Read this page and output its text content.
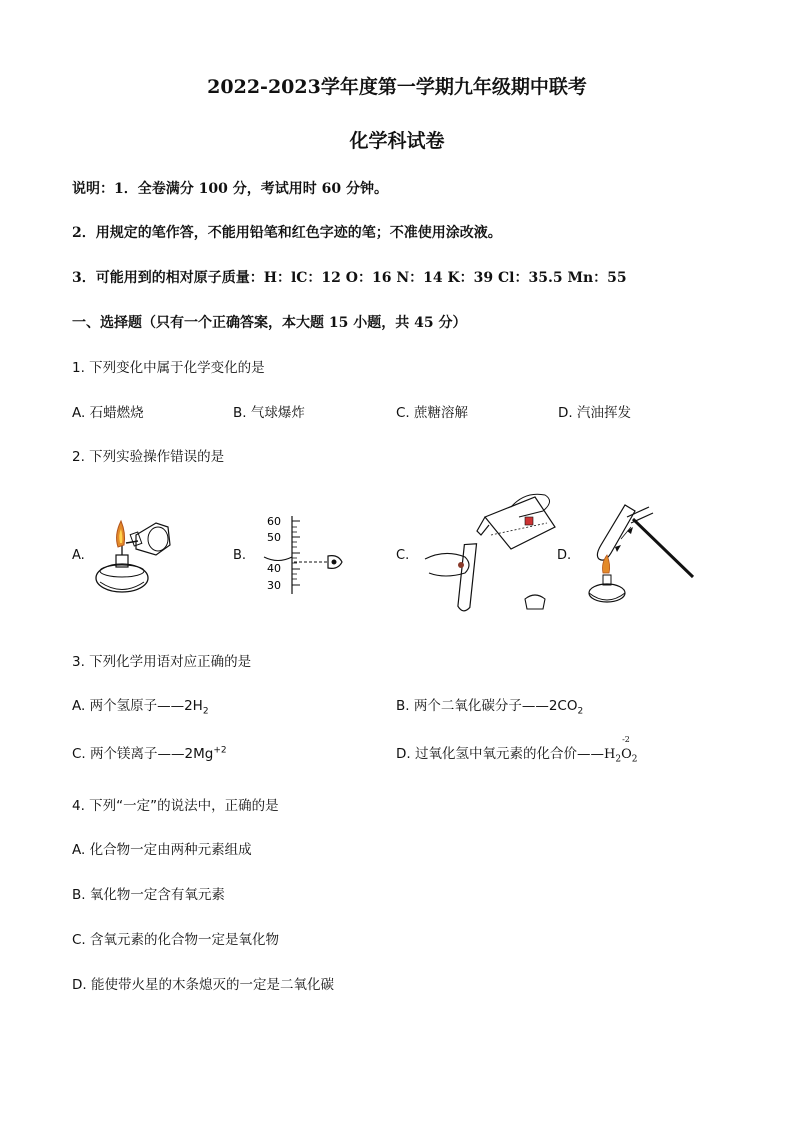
2022-2023学年度第一学期九年级期中联考
化学科试卷
说明：1．全卷满分 100 分，考试用时 60 分钟。
2．用规定的笔作答，不能用铅笔和红色字迹的笔；不准使用涂改液。
3．可能用到的相对原子质量：H：lC：12 O：16 N：14 K：39 Cl：35.5 Mn：55
一、选择题（只有一个正确答案，本大题 15 小题，共 45 分）
1. 下列变化中属于化学变化的是
A. 石蜡燃烧	B. 气球爆炸	C. 蔗糖溶解	D. 汽油挥发
2. 下列实验操作错误的是
A.	B.	C.	D.
60
50
40
30
3. 下列化学用语对应正确的是
A. 两个氢原子$——2H_2$	B. 两个二氧化碳分子$——2CO_2$
C. 两个镁离子$——2Mg^{+2}$	D. 过氧化氢中氧元素的化合价$——H_2O$
-2
$_2$
4. 下列“一定”的说法中，正确的是
A. 化合物一定由两种元素组成
B. 氧化物一定含有氧元素
C. 含氧元素的化合物一定是氧化物
D. 能使带火星的木条熄灭的一定是二氧化碳
